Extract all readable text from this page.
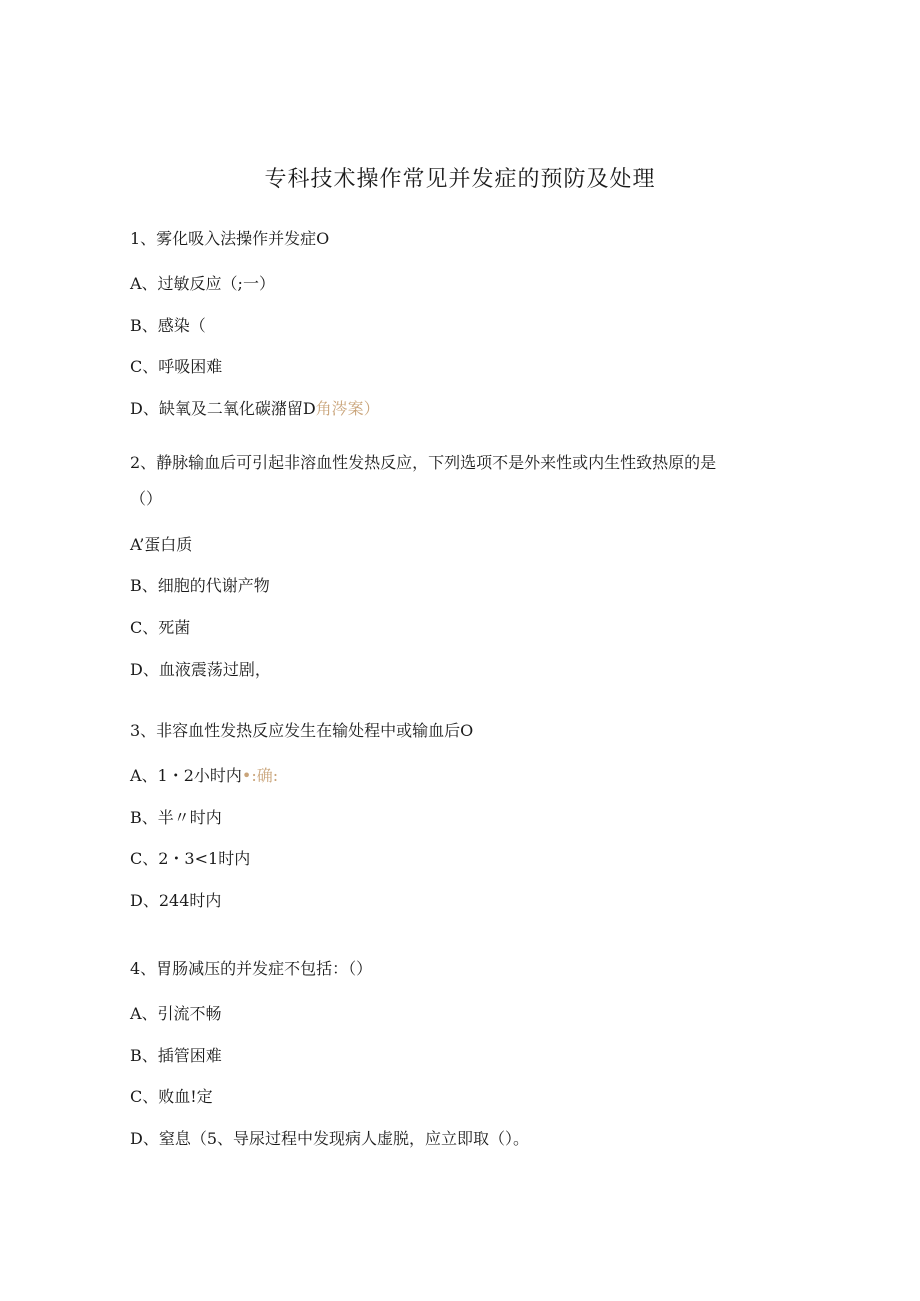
专科技术操作常见并发症的预防及处理
1、雾化吸入法操作并发症O
A、过敏反应（;一）
B、感染（
C、呼吸困难
D、缺氧及二氧化碳潴留D角涔案）
2、静脉输血后可引起非溶血性发热反应，下列选项不是外来性或内生性致热原的是
（）
A’蛋白质
B、细胞的代谢产物
C、死菌
D、血液震荡过剧，
3、非容血性发热反应发生在输处程中或输血后O
A、1・2小时内•:确:
B、半〃时内
C、2・3<1时内
D、244时内
4、胃肠减压的并发症不包括：（）
A、引流不畅
B、插管困难
C、败血!定
D、窒息（5、导尿过程中发现病人虚脱，应立即取（）。
